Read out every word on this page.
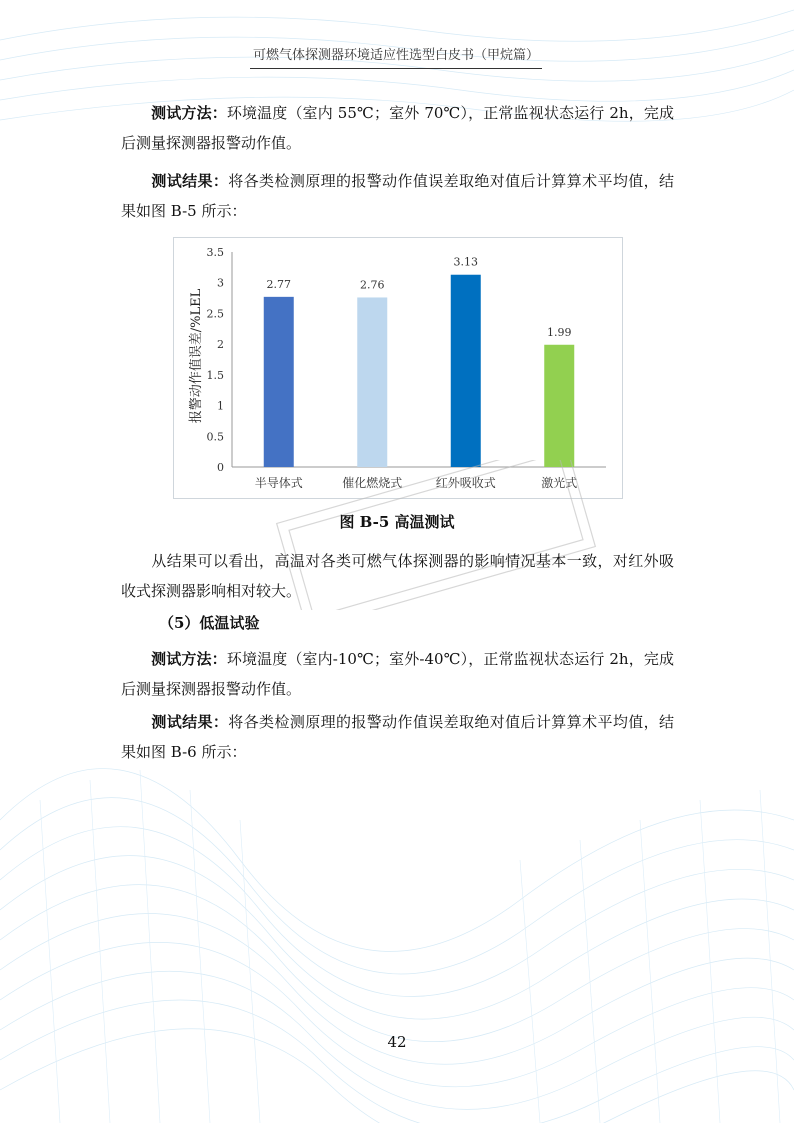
可燃气体探测器环境适应性选型白皮书（甲烷篇）
测试方法：环境温度（室内 55℃；室外 70℃），正常监视状态运行 2h，完成后测量探测器报警动作值。
测试结果：将各类检测原理的报警动作值误差取绝对值后计算算术平均值，结果如图 B-5 所示：
报警动作值误差/%LEL
0
0.5
1
1.5
2
2.5
3
3.5
2.77	2.76
3.13
1.99
半导体式	催化燃烧式	红外吸收式	激光式
图 B-5 高温测试
从结果可以看出，高温对各类可燃气体探测器的影响情况基本一致，对红外吸收式探测器影响相对较大。
（5）低温试验
测试方法：环境温度（室内-10℃；室外-40℃），正常监视状态运行 2h，完成后测量探测器报警动作值。
测试结果：将各类检测原理的报警动作值误差取绝对值后计算算术平均值，结果如图 B-6 所示：
42
